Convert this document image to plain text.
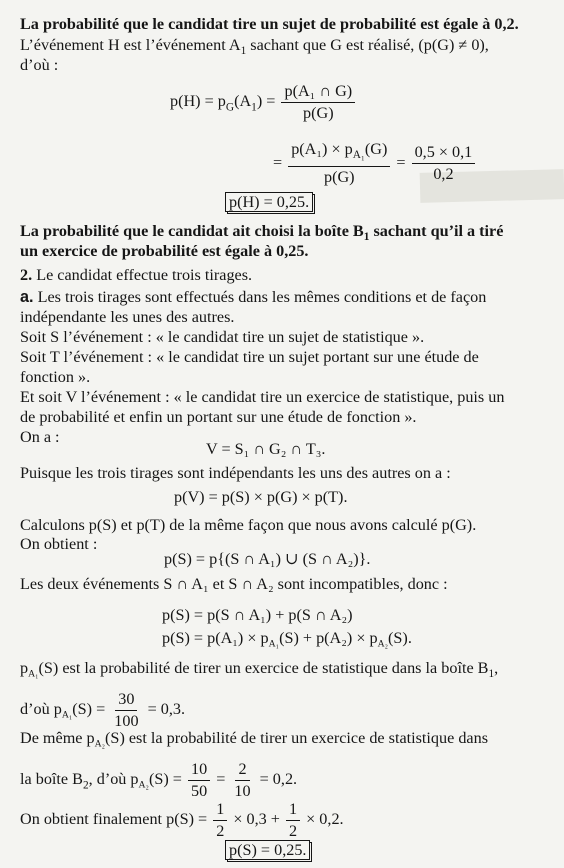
La probabilité que le candidat tire un sujet de probabilité est égale à 0,2.
L’événement H est l’événement $A_1$ sachant que G est réalisé, (p(G) ≠ 0),
d’où :
$p(H) = p_G(A_1) = \frac{\text{p(A₁ ∩ G)}}{p(G)}$
= $\frac{p(A_1) \times p_{A_1}(G)}{p(G)} = \frac{0,5 \times 0,1}{0,2}$
p(H) = 0,25.
La probabilité que le candidat ait choisi la boîte $B_1$ sachant qu’il a tiré
un exercice de probabilité est égale à 0,25.
2. Le candidat effectue trois tirages.
a. Les trois tirages sont effectués dans les mêmes conditions et de façon
indépendante les unes des autres.
Soit S l’événement : « le candidat tire un sujet de statistique ».
Soit T l’événement : « le candidat tire un sujet portant sur une étude de
fonction ».
Et soit V l’événement : « le candidat tire un exercice de statistique, puis un
de probabilité et enfin un portant sur une étude de fonction ».
On a :
V = S₁ ∩ G₂ ∩ T₃.
Puisque les trois tirages sont indépendants les uns des autres on a :
p(V) = p(S) × p(G) × p(T).
Calculons p(S) et p(T) de la même façon que nous avons calculé p(G).
On obtient :
p(S) = p{(S ∩ A₁) ∪ (S ∩ A₂)}.
Les deux événements S ∩ A₁ et S ∩ A₂ sont incompatibles, donc :
p(S) = p(S ∩ A₁) + p(S ∩ A₂)
$p(S) = p(A_1) \times p_{A_1}(S) + p(A_2) \times p_{A_2}(S)$.
$p_{A_1}(S)$ est la probabilité de tirer un exercice de statistique dans la boîte $B_1$,
d’où $p_{A_1}(S) = \frac{30}{100} = 0,3$.
De même $p_{A_2}(S)$ est la probabilité de tirer un exercice de statistique dans
la boîte $B_2$, d’où $p_{A_2}(S) = \frac{10}{50} = \frac{2}{10} = 0,2$.
On obtient finalement $p(S) = \frac{1}{2} \times 0,3 + \frac{1}{2} \times 0,2$.
p(S) = 0,25.
